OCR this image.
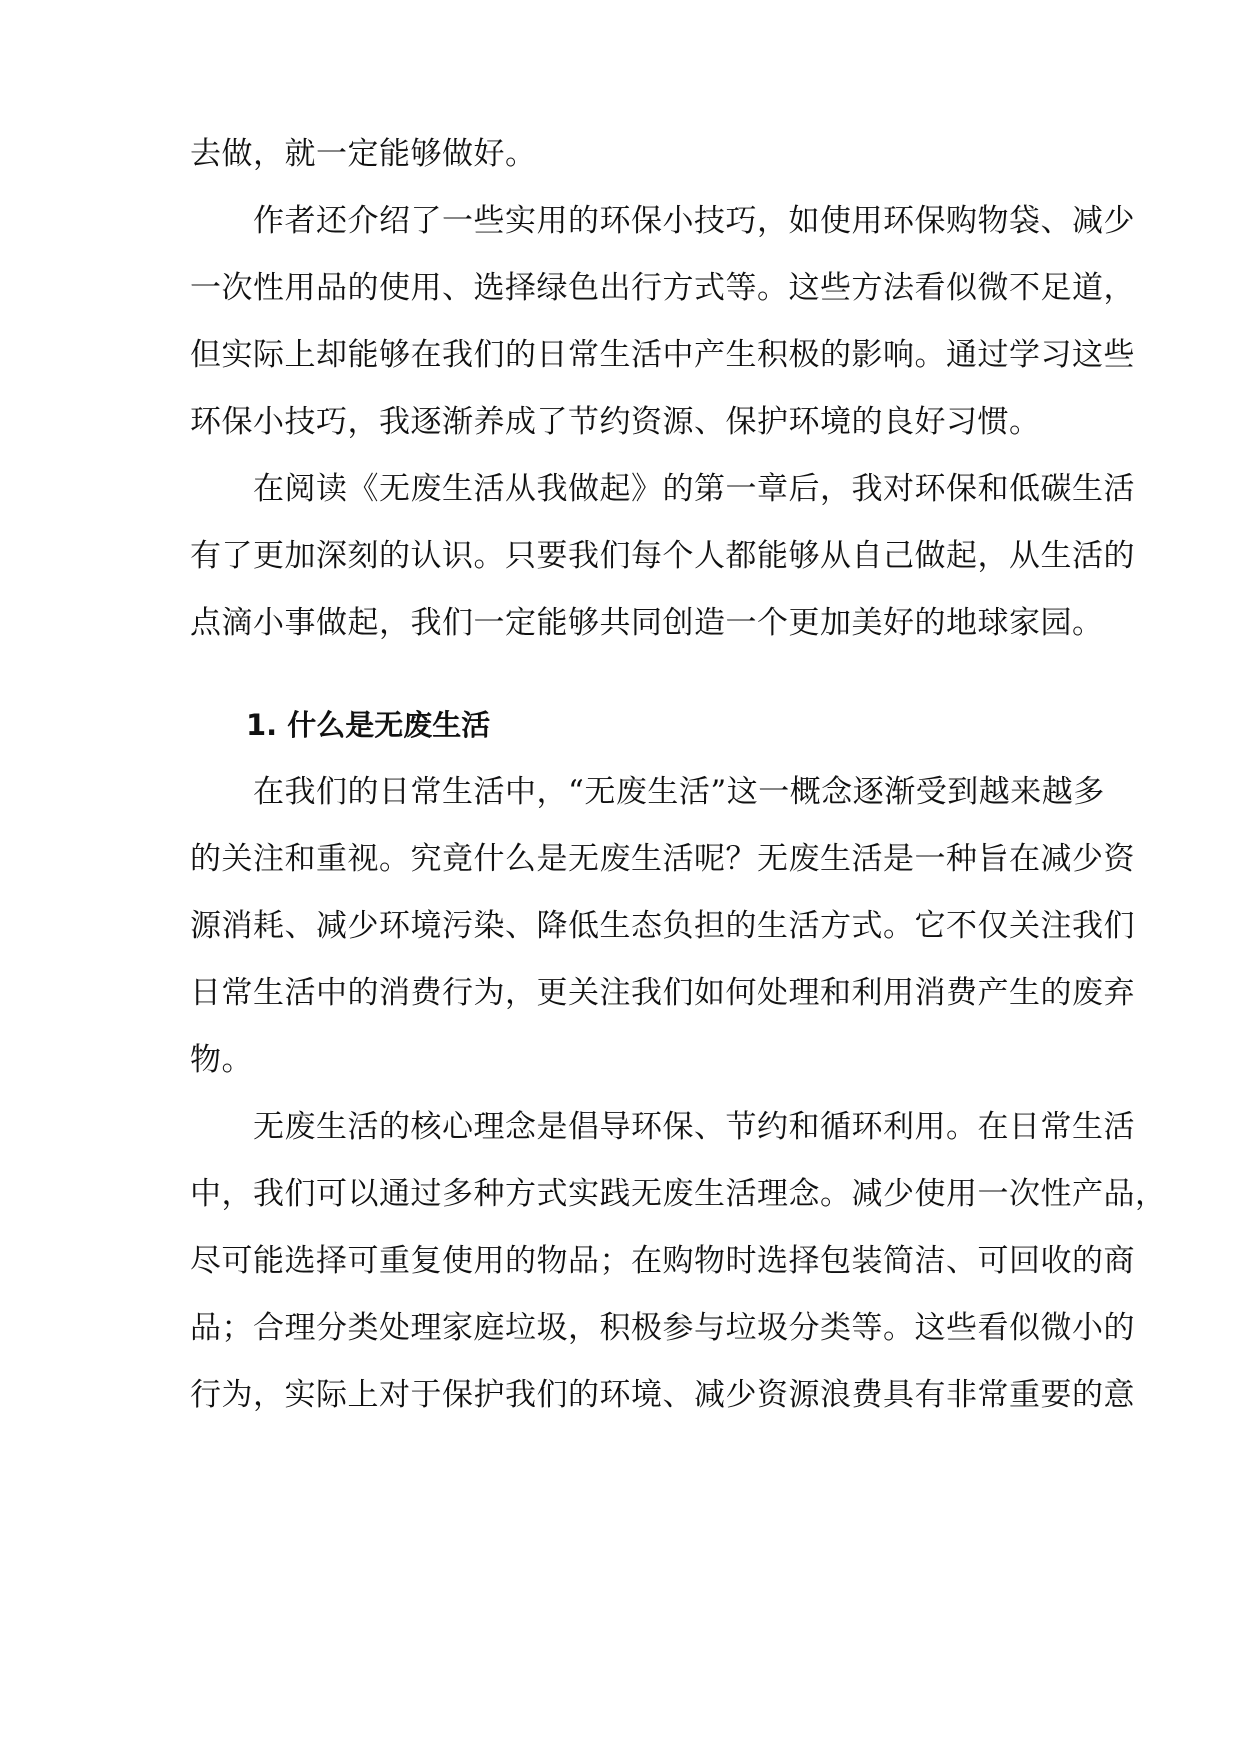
去做，就一定能够做好。
　　作者还介绍了一些实用的环保小技巧，如使用环保购物袋、减少
一次性用品的使用、选择绿色出行方式等。这些方法看似微不足道，
但实际上却能够在我们的日常生活中产生积极的影响。通过学习这些
环保小技巧，我逐渐养成了节约资源、保护环境的良好习惯。
　　在阅读《无废生活从我做起》的第一章后，我对环保和低碳生活
有了更加深刻的认识。只要我们每个人都能够从自己做起，从生活的
点滴小事做起，我们一定能够共同创造一个更加美好的地球家园。
1. 什么是无废生活
　　在我们的日常生活中，“无废生活”这一概念逐渐受到越来越多
的关注和重视。究竟什么是无废生活呢？无废生活是一种旨在减少资
源消耗、减少环境污染、降低生态负担的生活方式。它不仅关注我们
日常生活中的消费行为，更关注我们如何处理和利用消费产生的废弃
物。
　　无废生活的核心理念是倡导环保、节约和循环利用。在日常生活
中，我们可以通过多种方式实践无废生活理念。减少使用一次性产品，
尽可能选择可重复使用的物品；在购物时选择包装简洁、可回收的商
品；合理分类处理家庭垃圾，积极参与垃圾分类等。这些看似微小的
行为，实际上对于保护我们的环境、减少资源浪费具有非常重要的意
